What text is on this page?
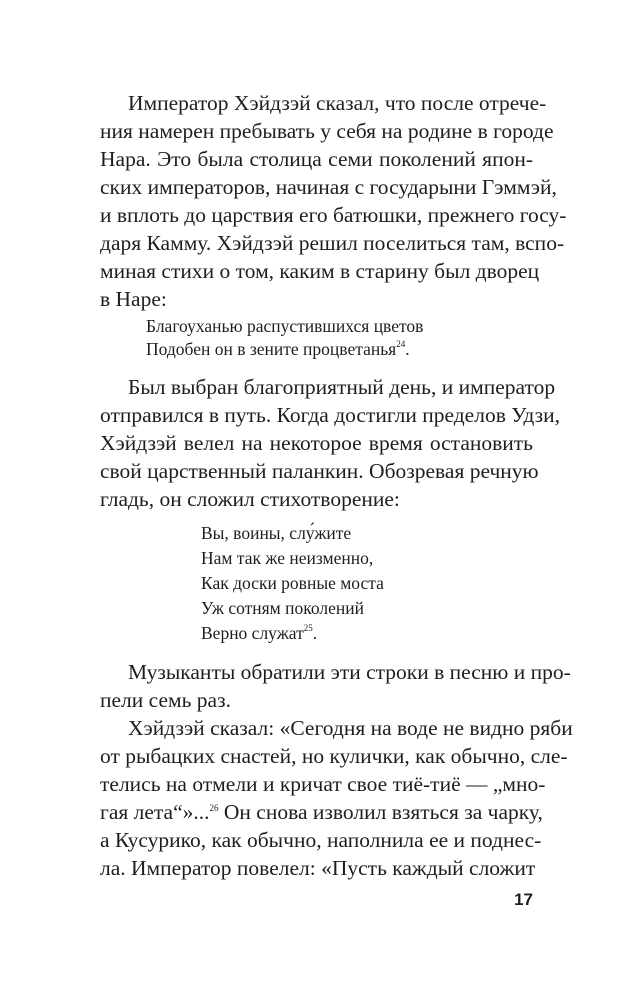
Император Хэйдзэй сказал, что после отрече-
ния намерен пребывать у себя на родине в городе
Нара. Это была столица семи поколений япон-
ских императоров, начиная с государыни Гэммэй,
и вплоть до царствия его батюшки, прежнего госу-
даря Камму. Хэйдзэй решил поселиться там, вспо-
миная стихи о том, каким в старину был дворец
в Наре:
Благоуханью распустившихся цветов
Подобен он в зените процветанья$^{24}$.
Был выбран благоприятный день, и император
отправился в путь. Когда достигли пределов Удзи,
Хэйдзэй велел на некоторое время остановить
свой царственный паланкин. Обозревая речную
гладь, он сложил стихотворение:
Вы, воины, слу́жите
Нам так же неизменно,
Как доски ровные моста
Уж сотням поколений
Верно служат$^{25}$.
Музыканты обратили эти строки в песню и про-
пели семь раз.
Хэйдзэй сказал: «Сегодня на воде не видно ряби
от рыбацких снастей, но кулички, как обычно, сле-
телись на отмели и кричат свое тиё-тиё — „мно-
гая лета“»...$^{26}$ Он снова изволил взяться за чарку,
а Кусурико, как обычно, наполнила ее и поднес-
ла. Император повелел: «Пусть каждый сложит
17
